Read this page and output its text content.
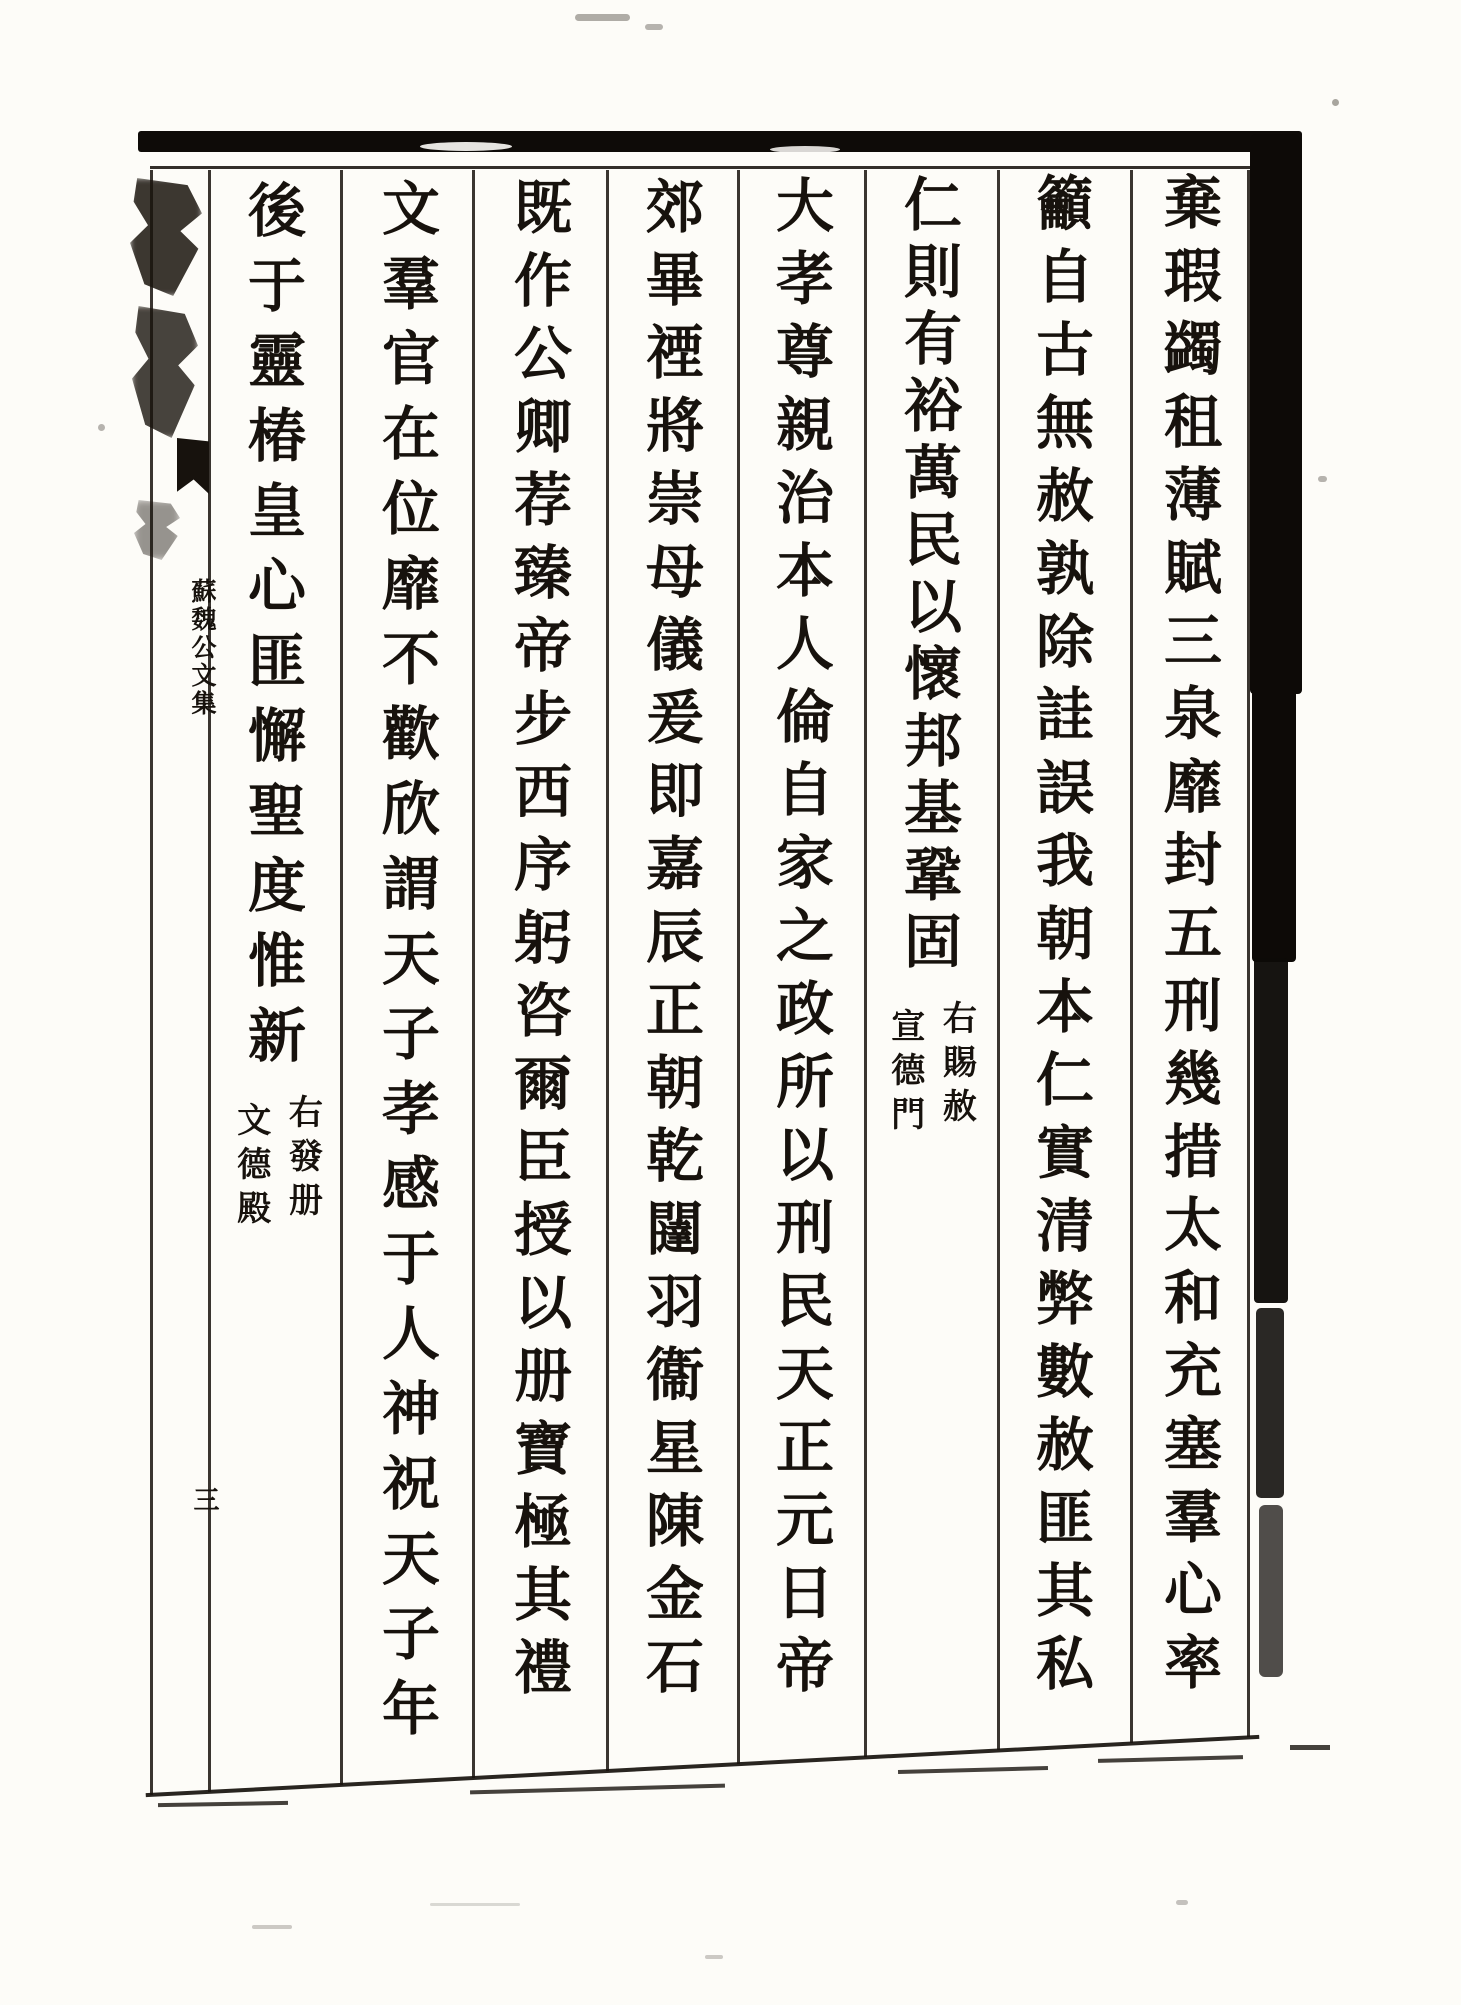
棄瑕蠲租薄賦三泉靡封五刑幾措太和充塞羣心率
籲自古無赦孰除詿誤我朝本仁實清弊數赦匪其私
仁則有裕萬民以懷邦基鞏固
大孝尊親治本人倫自家之政所以刑民天正元日帝
郊畢禋將崇母儀爰即嘉辰正朝乾闥羽衞星陳金石
既作公卿荐臻帝步西序躬咨爾臣授以册寶極其禮
文羣官在位靡不歡欣謂天子孝感于人神祝天子年
後于靈椿皇心匪懈聖度惟新	右賜赦
宣德門
右發册
文德殿
蘇魏公文集
三
